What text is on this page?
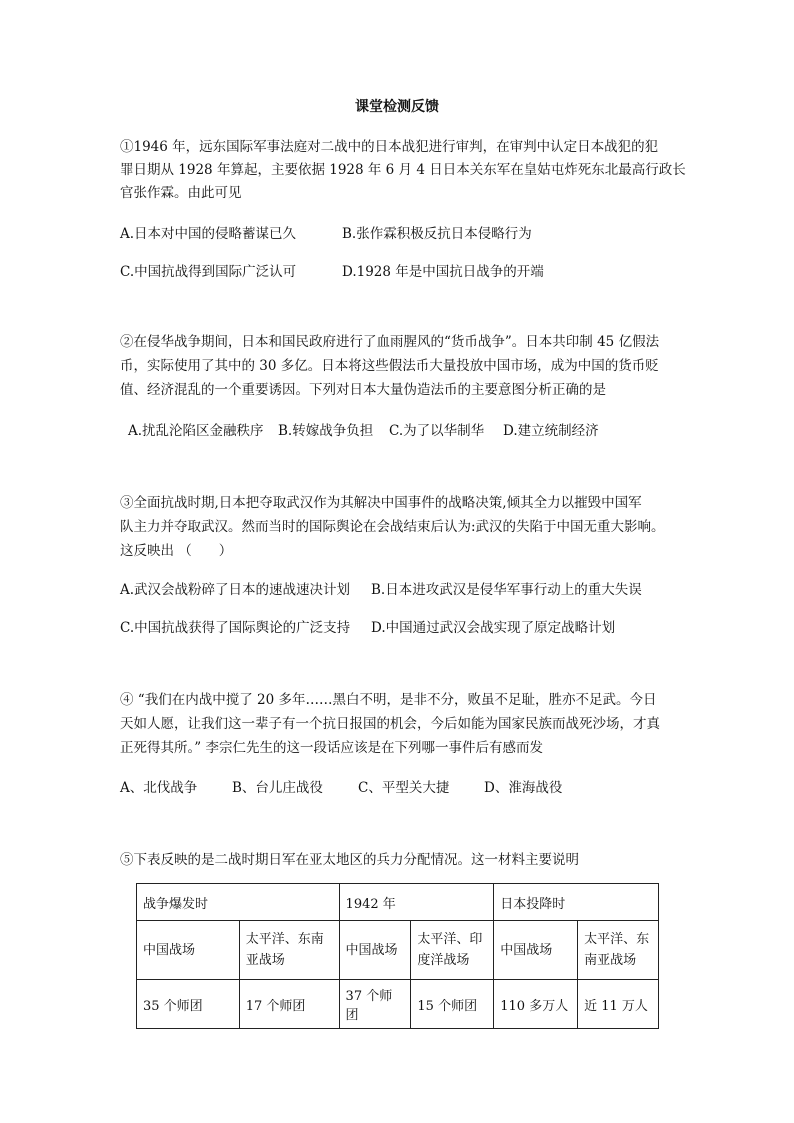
课堂检测反馈
①1946 年，远东国际军事法庭对二战中的日本战犯进行审判，在审判中认定日本战犯的犯
罪日期从 1928 年算起，主要依据 1928 年 6 月 4 日日本关东军在皇姑屯炸死东北最高行政长
官张作霖。由此可见
A.日本对中国的侵略蓄谋已久	B.张作霖积极反抗日本侵略行为
C.中国抗战得到国际广泛认可	D.1928 年是中国抗日战争的开端
②在侵华战争期间，日本和国民政府进行了血雨腥风的“货币战争”。日本共印制 45 亿假法
币，实际使用了其中的 30 多亿。日本将这些假法币大量投放中国市场，成为中国的货币贬
值、经济混乱的一个重要诱因。下列对日本大量伪造法币的主要意图分析正确的是
A.扰乱沦陷区金融秩序 B.转嫁战争负担 C.为了以华制华 D.建立统制经济
③全面抗战时期,日本把夺取武汉作为其解决中国事件的战略决策,倾其全力以摧毁中国军
队主力并夺取武汉。然而当时的国际舆论在会战结束后认为:武汉的失陷于中国无重大影响。
这反映出 （　　）
A.武汉会战粉碎了日本的速战速决计划 B.日本进攻武汉是侵华军事行动上的重大失误
C.中国抗战获得了国际舆论的广泛支持 D.中国通过武汉会战实现了原定战略计划
④ “我们在内战中搅了 20 多年……黑白不明，是非不分，败虽不足耻，胜亦不足武。今日
天如人愿，让我们这一辈子有一个抗日报国的机会，今后如能为国家民族而战死沙场，才真
正死得其所。” 李宗仁先生的这一段话应该是在下列哪一事件后有感而发
A、北伐战争	B、台儿庄战役	C、平型关大捷	D、淮海战役
⑤下表反映的是二战时期日军在亚太地区的兵力分配情况。这一材料主要说明
战争爆发时		1942 年		日本投降时	
中国战场	太平洋、东南亚战场	中国战场	太平洋、印度洋战场	中国战场	太平洋、东南亚战场
35 个师团	17 个师团	37 个师团	15 个师团	110 多万人	近 11 万人
